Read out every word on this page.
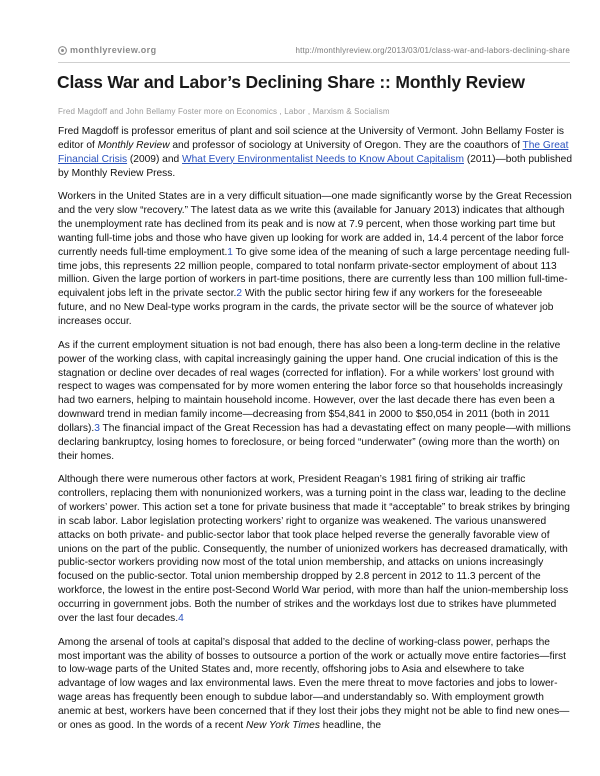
monthlyreview.org	http://monthlyreview.org/2013/03/01/class-war-and-labors-declining-share
Class War and Labor’s Declining Share :: Monthly Review
Fred Magdoff and John Bellamy Foster more on Economics , Labor , Marxism & Socialism

Fred Magdoff is professor emeritus of plant and soil science at the University of Vermont. John Bellamy Foster is editor of Monthly Review and professor of sociology at University of Oregon. They are the coauthors of The Great Financial Crisis (2009) and What Every Environmentalist Needs to Know About Capitalism (2011)—both published by Monthly Review Press.

Workers in the United States are in a very difficult situation—one made significantly worse by the Great Recession and the very slow “recovery.” The latest data as we write this (available for January 2013) indicates that although the unemployment rate has declined from its peak and is now at 7.9 percent, when those working part time but wanting full-time jobs and those who have given up looking for work are added in, 14.4 percent of the labor force currently needs full-time employment.1 To give some idea of the meaning of such a large percentage needing full-time jobs, this represents 22 million people, compared to total nonfarm private-sector employment of about 113 million. Given the large portion of workers in part-time positions, there are currently less than 100 million full-time-equivalent jobs left in the private sector.2 With the public sector hiring few if any workers for the foreseeable future, and no New Deal-type works program in the cards, the private sector will be the source of whatever job increases occur.

As if the current employment situation is not bad enough, there has also been a long-term decline in the relative power of the working class, with capital increasingly gaining the upper hand. One crucial indication of this is the stagnation or decline over decades of real wages (corrected for inflation). For a while workers’ lost ground with respect to wages was compensated for by more women entering the labor force so that households increasingly had two earners, helping to maintain household income. However, over the last decade there has even been a downward trend in median family income—decreasing from $54,841 in 2000 to $50,054 in 2011 (both in 2011 dollars).3 The financial impact of the Great Recession has had a devastating effect on many people—with millions declaring bankruptcy, losing homes to foreclosure, or being forced “underwater” (owing more than the worth) on their homes.

Although there were numerous other factors at work, President Reagan’s 1981 firing of striking air traffic controllers, replacing them with nonunionized workers, was a turning point in the class war, leading to the decline of workers’ power. This action set a tone for private business that made it “acceptable” to break strikes by bringing in scab labor. Labor legislation protecting workers’ right to organize was weakened. The various unanswered attacks on both private- and public-sector labor that took place helped reverse the generally favorable view of unions on the part of the public. Consequently, the number of unionized workers has decreased dramatically, with public-sector workers providing now most of the total union membership, and attacks on unions increasingly focused on the public-sector. Total union membership dropped by 2.8 percent in 2012 to 11.3 percent of the workforce, the lowest in the entire post-Second World War period, with more than half the union-membership loss occurring in government jobs. Both the number of strikes and the workdays lost due to strikes have plummeted over the last four decades.4

Among the arsenal of tools at capital’s disposal that added to the decline of working-class power, perhaps the most important was the ability of bosses to outsource a portion of the work or actually move entire factories—first to low-wage parts of the United States and, more recently, offshoring jobs to Asia and elsewhere to take advantage of low wages and lax environmental laws. Even the mere threat to move factories and jobs to lower-wage areas has frequently been enough to subdue labor—and understandably so. With employment growth anemic at best, workers have been concerned that if they lost their jobs they might not be able to find new ones—or ones as good. In the words of a recent New York Times headline, the
